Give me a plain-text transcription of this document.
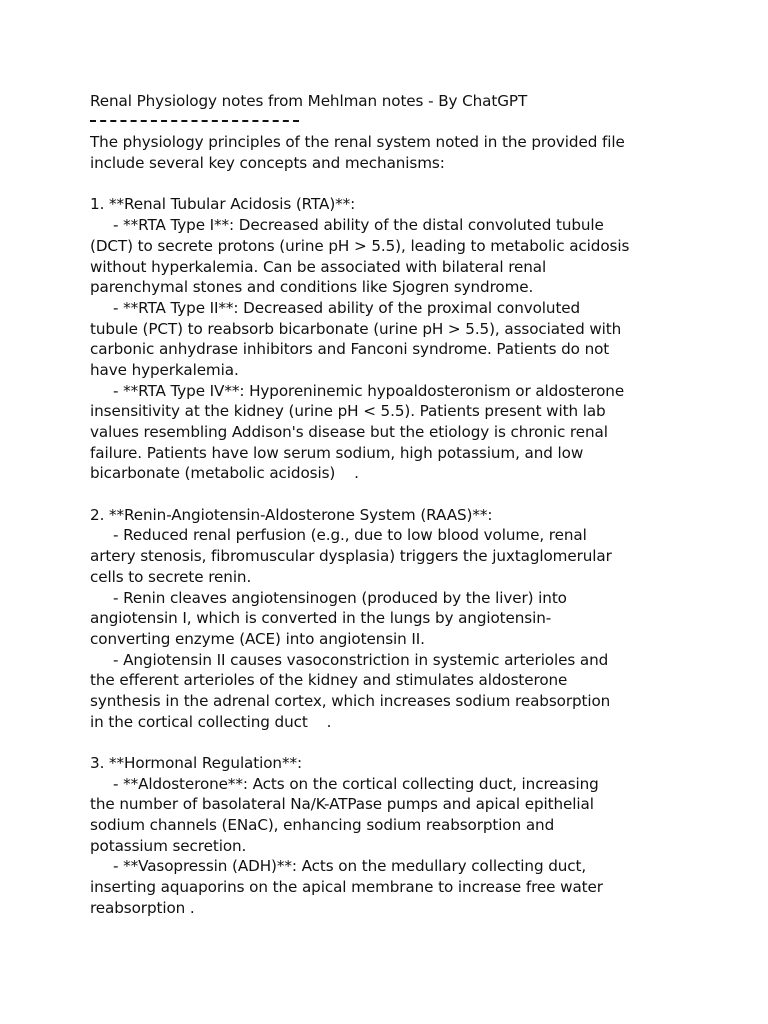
Renal Physiology notes from Mehlman notes - By ChatGPT
The physiology principles of the renal system noted in the provided file
include several key concepts and mechanisms:
1. **Renal Tubular Acidosis (RTA)**:
- **RTA Type I**: Decreased ability of the distal convoluted tubule
(DCT) to secrete protons (urine pH > 5.5), leading to metabolic acidosis
without hyperkalemia. Can be associated with bilateral renal
parenchymal stones and conditions like Sjogren syndrome.
- **RTA Type II**: Decreased ability of the proximal convoluted
tubule (PCT) to reabsorb bicarbonate (urine pH > 5.5), associated with
carbonic anhydrase inhibitors and Fanconi syndrome. Patients do not
have hyperkalemia.
- **RTA Type IV**: Hyporeninemic hypoaldosteronism or aldosterone
insensitivity at the kidney (urine pH < 5.5). Patients present with lab
values resembling Addison's disease but the etiology is chronic renal
failure. Patients have low serum sodium, high potassium, and low
bicarbonate (metabolic acidosis)    .
2. **Renin-Angiotensin-Aldosterone System (RAAS)**:
- Reduced renal perfusion (e.g., due to low blood volume, renal
artery stenosis, fibromuscular dysplasia) triggers the juxtaglomerular
cells to secrete renin.
- Renin cleaves angiotensinogen (produced by the liver) into
angiotensin I, which is converted in the lungs by angiotensin-
converting enzyme (ACE) into angiotensin II.
- Angiotensin II causes vasoconstriction in systemic arterioles and
the efferent arterioles of the kidney and stimulates aldosterone
synthesis in the adrenal cortex, which increases sodium reabsorption
in the cortical collecting duct    .
3. **Hormonal Regulation**:
- **Aldosterone**: Acts on the cortical collecting duct, increasing
the number of basolateral Na/K-ATPase pumps and apical epithelial
sodium channels (ENaC), enhancing sodium reabsorption and
potassium secretion.
- **Vasopressin (ADH)**: Acts on the medullary collecting duct,
inserting aquaporins on the apical membrane to increase free water
reabsorption .
